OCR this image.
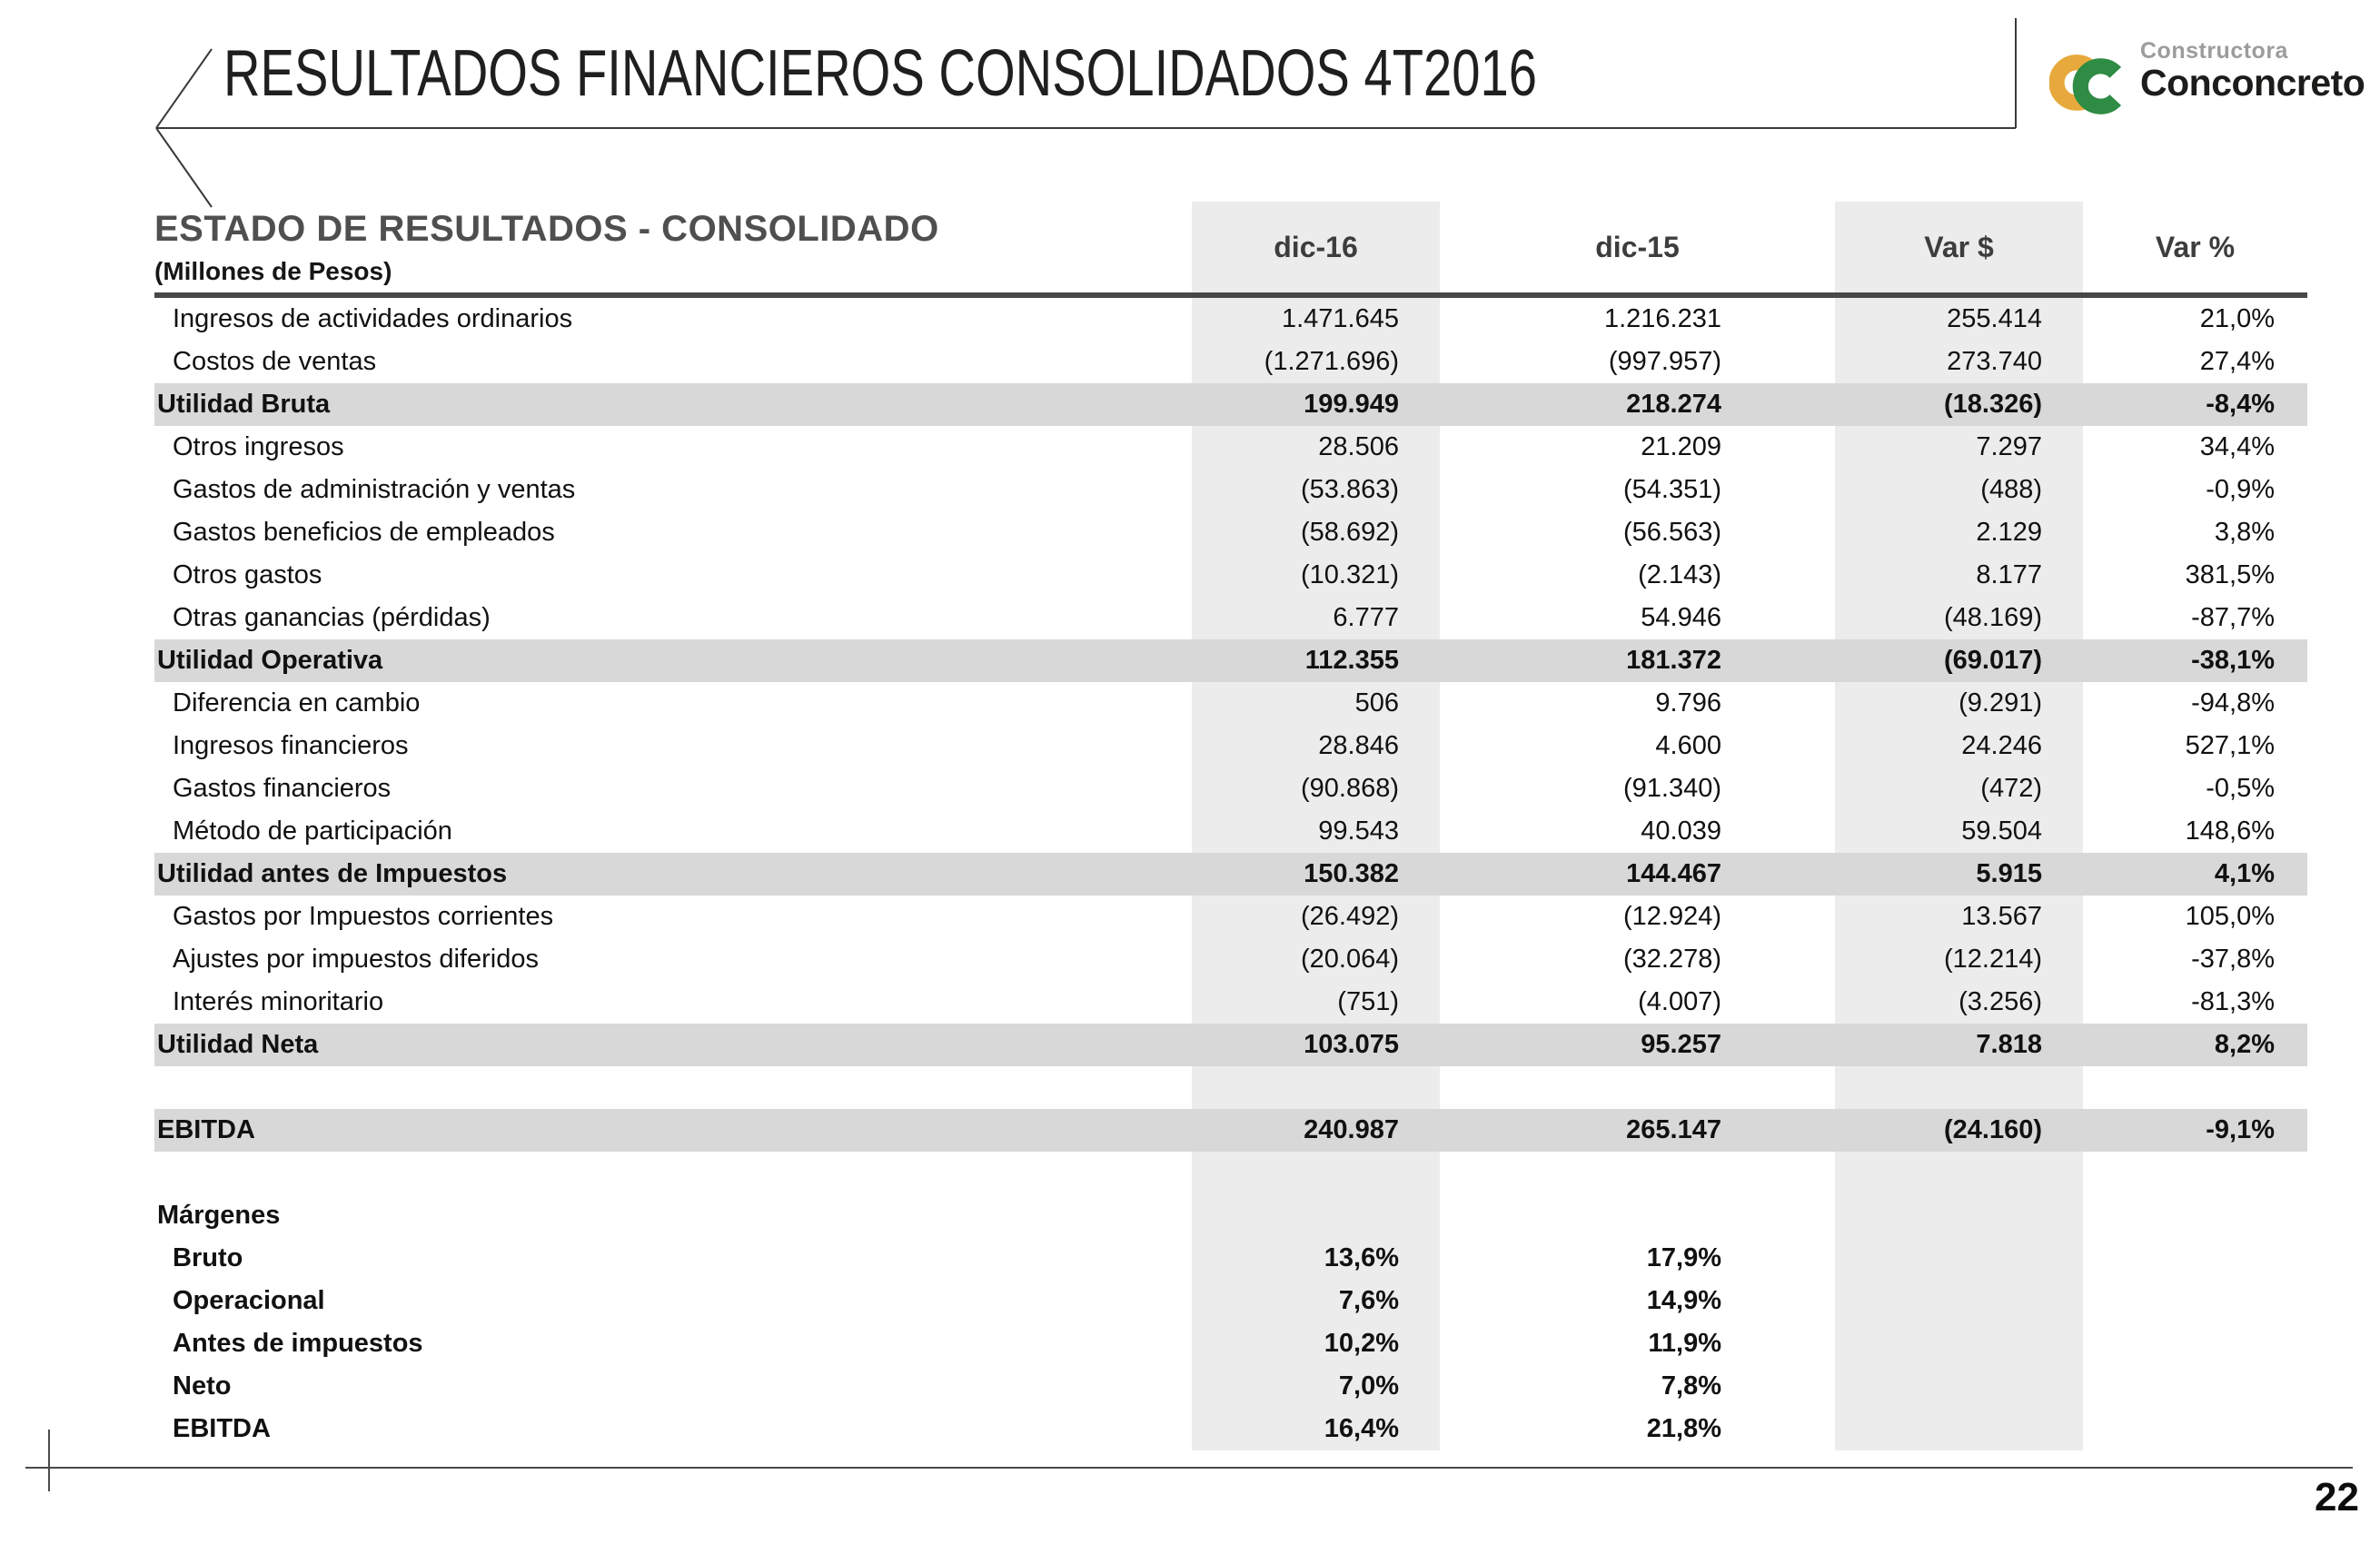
RESULTADOS FINANCIEROS CONSOLIDADOS 4T2016	Constructora
Conconcreto
ESTADO DE RESULTADOS - CONSOLIDADO
(Millones de Pesos)
dic-16	dic-15	Var $	Var %
Ingresos de actividades ordinarios	1.471.645	1.216.231	255.414	21,0%
Costos de ventas	(1.271.696)	(997.957)	273.740	27,4%
Utilidad Bruta	199.949	218.274	(18.326)	-8,4%
Otros ingresos	28.506	21.209	7.297	34,4%
Gastos de administración y ventas	(53.863)	(54.351)	(488)	-0,9%
Gastos beneficios de empleados	(58.692)	(56.563)	2.129	3,8%
Otros gastos	(10.321)	(2.143)	8.177	381,5%
Otras ganancias (pérdidas)	6.777	54.946	(48.169)	-87,7%
Utilidad Operativa	112.355	181.372	(69.017)	-38,1%
Diferencia en cambio	506	9.796	(9.291)	-94,8%
Ingresos financieros	28.846	4.600	24.246	527,1%
Gastos financieros	(90.868)	(91.340)	(472)	-0,5%
Método de participación	99.543	40.039	59.504	148,6%
Utilidad antes de Impuestos	150.382	144.467	5.915	4,1%
Gastos por Impuestos corrientes	(26.492)	(12.924)	13.567	105,0%
Ajustes por impuestos diferidos	(20.064)	(32.278)	(12.214)	-37,8%
Interés minoritario	(751)	(4.007)	(3.256)	-81,3%
Utilidad Neta	103.075	95.257	7.818	8,2%
EBITDA	240.987	265.147	(24.160)	-9,1%
Márgenes
Bruto	13,6%	17,9%
Operacional	7,6%	14,9%
Antes de impuestos	10,2%	11,9%
Neto	7,0%	7,8%
EBITDA	16,4%	21,8%
22
